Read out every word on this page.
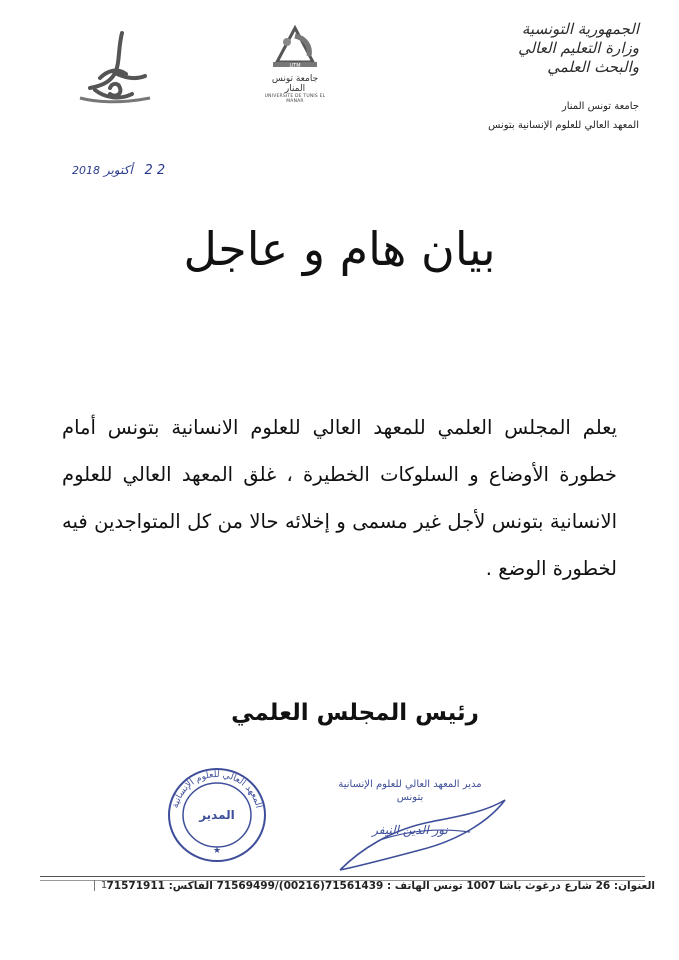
UTM
جامعة تونس المنار
UNIVERSITE DE TUNIS EL MANAR
الجمهورية التونسية
وزارة التعليم العالي
والبحث العلمي
جامعة تونس المنار
المعهد العالي للعلوم الإنسانية بتونس
2 2 أكتوبر 2018
بيان هام و عاجل
يعلم المجلس العلمي للمعهد العالي للعلوم الانسانية بتونس أمام خطورة الأوضاع و السلوكات الخطيرة ، غلق المعهد العالي للعلوم الانسانية بتونس لأجل غير مسمى و إخلائه حالا من كل المتواجدين فيه لخطورة الوضع .
رئيس المجلس العلمي
المعهد العالي للعلوم الإنسانية
المدير
★
مدير المعهد العالي للعلوم الإنسانية
بتونس
نور الدين النيفر
العنوان: 26 شارع درغوث باشا 1007 تونس الهاتف : 71561439(00216)/71569499 الفاكس: 71571911
1
